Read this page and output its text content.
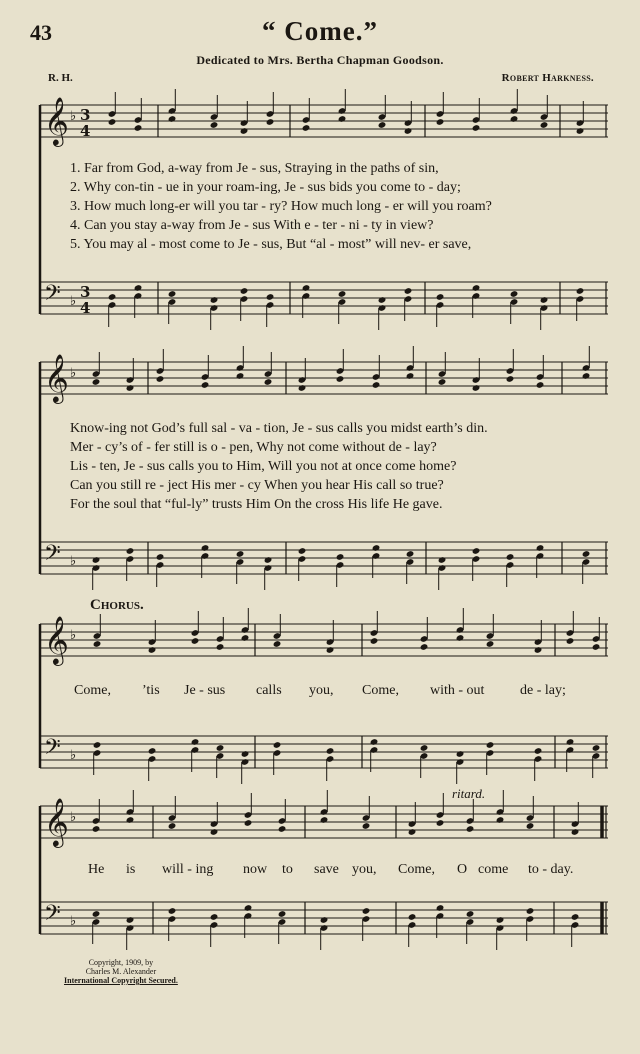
43	“ Come.”
Dedicated to Mrs. Bertha Chapman Goodson.
R. H.	Robert Harkness.
𝄞 ♭ 3
4
𝄢 ♭
3
4
𝄞 ♭
𝄢 ♭
𝄞 ♭
𝄢 ♭
𝄞 ♭
𝄢 ♭
1. Far from God, a-way from Je - sus, Straying in the paths of sin,
2. Why con-tin - ue in your roam-ing, Je - sus bids you come to - day;
3. How much long-er will you tar - ry? How much long - er will you roam?
4. Can you stay a-way from Je - sus With e - ter - ni - ty in view?
5. You may al - most come to Je - sus, But “al - most” will nev- er save,
Know-ing not God’s full sal - va - tion, Je - sus calls you midst earth’s din.
Mer - cy’s of - fer still is o - pen, Why not come without de - lay?
Lis - ten, Je - sus calls you to Him, Will you not at once come home?
Can you still re - ject His mer - cy When you hear His call so true?
For the soul that “ful-ly” trusts Him On the cross His life He gave.
Chorus.
Come, ’tis Je - sus calls you, Come, with - out	de - lay;
He is will - ing now to save you, Come, O come to - day.
ritard.
Copyright, 1909, by
Charles M. Alexander
International Copyright Secured.
